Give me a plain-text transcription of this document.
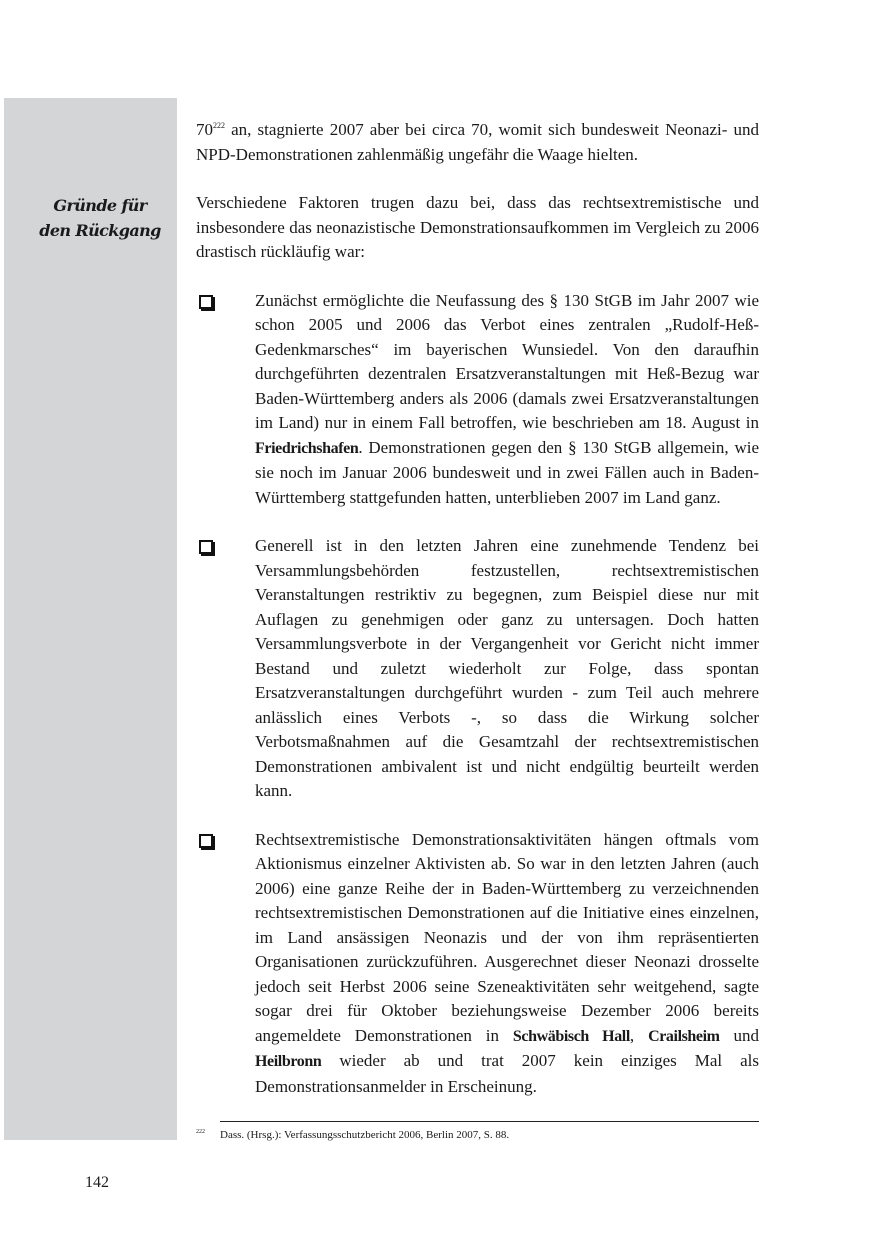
Gründe für
den Rückgang

$70^{222}$ an, stagnierte 2007 aber bei circa 70, womit sich bundesweit Neonazi- und NPD-Demonstrationen zahlenmäßig ungefähr die Waage hielten.

Verschiedene Faktoren trugen dazu bei, dass das rechtsextremistische und insbesondere das neonazistische Demonstrationsaufkommen im Vergleich zu 2006 drastisch rückläufig war:

Zunächst ermöglichte die Neufassung des § 130 StGB im Jahr 2007 wie schon 2005 und 2006 das Verbot eines zentralen „Rudolf-Heß-Gedenkmarsches“ im bayerischen Wunsiedel. Von den daraufhin durchgeführten dezentralen Ersatzveranstaltungen mit Heß-Bezug war Baden-Württemberg anders als 2006 (damals zwei Ersatzveranstaltungen im Land) nur in einem Fall betroffen, wie beschrieben am 18. August in Friedrichshafen. Demonstrationen gegen den § 130 StGB allgemein, wie sie noch im Januar 2006 bundesweit und in zwei Fällen auch in Baden-Württemberg stattgefunden hatten, unterblieben 2007 im Land ganz.
Generell ist in den letzten Jahren eine zunehmende Tendenz bei Versammlungsbehörden festzustellen, rechtsextremistischen Veranstaltungen restriktiv zu begegnen, zum Beispiel diese nur mit Auflagen zu genehmigen oder ganz zu untersagen. Doch hatten Versammlungsverbote in der Vergangenheit vor Gericht nicht immer Bestand und zuletzt wiederholt zur Folge, dass spontan Ersatzveranstaltungen durchgeführt wurden - zum Teil auch mehrere anlässlich eines Verbots -, so dass die Wirkung solcher Verbotsmaßnahmen auf die Gesamtzahl der rechtsextremistischen Demonstrationen ambivalent ist und nicht endgültig beurteilt werden kann.
Rechtsextremistische Demonstrationsaktivitäten hängen oftmals vom Aktionismus einzelner Aktivisten ab. So war in den letzten Jahren (auch 2006) eine ganze Reihe der in Baden-Württemberg zu verzeichnenden rechtsextremistischen Demonstrationen auf die Initiative eines einzelnen, im Land ansässigen Neonazis und der von ihm repräsentierten Organisationen zurückzuführen. Ausgerechnet dieser Neonazi drosselte jedoch seit Herbst 2006 seine Szeneaktivitäten sehr weitgehend, sagte sogar drei für Oktober beziehungsweise Dezember 2006 bereits angemeldete Demonstrationen in Schwäbisch Hall, Crailsheim und Heilbronn wieder ab und trat 2007 kein einziges Mal als Demonstrationsanmelder in Erscheinung.
222 Dass. (Hrsg.): Verfassungsschutzbericht 2006, Berlin 2007, S. 88.
142
